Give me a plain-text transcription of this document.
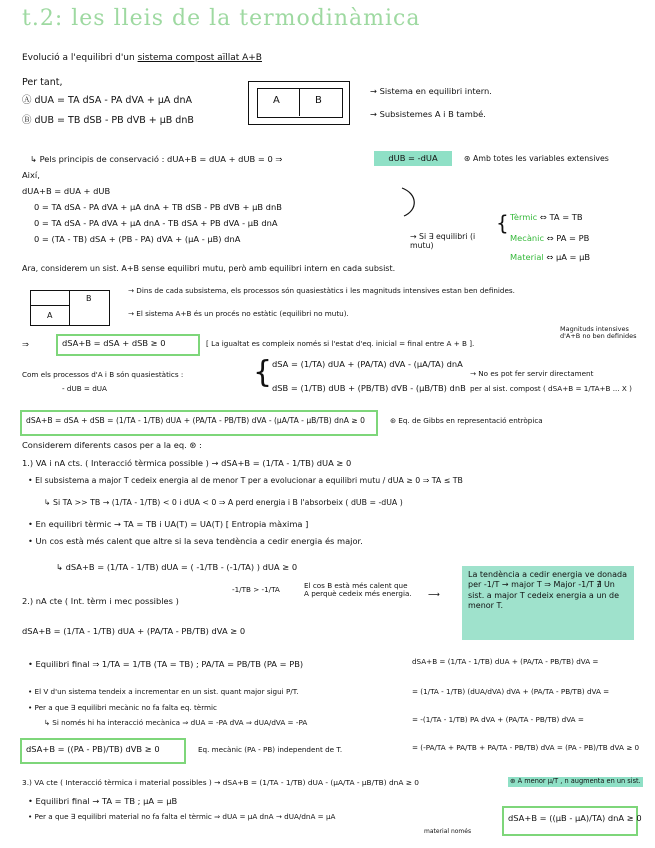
t.2: les lleis de la termodinàmica
Evolució a l'equilibri d'un sistema compost aïllat A+B
Per tant,
Ⓐ dUA = TA dSA - PA dVA + μA dnA
Ⓑ dUB = TB dSB - PB dVB + μB dnB
A	B
→ Sistema en equilibri intern.
→ Subsistemes A i B també.
↳ Pels principis de conservació : dUA+B = dUA + dUB = 0 ⇒	dUB = -dUA	⊛ Amb totes les variables extensives
Així,
dUA+B = dUA + dUB
0 = TA dSA - PA dVA + μA dnA + TB dSB - PB dVB + μB dnB
0 = TA dSA - PA dVA + μA dnA - TB dSA + PB dVA - μB dnA
0 = (TA - TB) dSA + (PB - PA) dVA + (μA - μB) dnA	→ Si ∃ equilibri (i mutu)
{ Tèrmic ⇔ TA = TB
Mecànic ⇔ PA = PB
Material ⇔ μA = μB
Ara, considerem un sist. A+B sense equilibri mutu, però amb equilibri intern en cada subsist.
A
B
→ Dins de cada subsistema, els processos són quasiestàtics i les magnituds intensives estan ben definides.
→ El sistema A+B és un procés no estàtic (equilibri no mutu).
⇒	dSA+B = dSA + dSB ≥ 0	[ La igualtat es compleix només si l'estat d'eq. inicial = final entre A + B ].
Magnituds intensives d'A+B no ben definides
Com els processos d'A i B són quasiestàtics :
- dUB = dUA	{ dSA = (1/TA) dUA + (PA/TA) dVA - (μA/TA) dnA
dSB = (1/TB) dUB + (PB/TB) dVB - (μB/TB) dnB
→ No es pot fer servir directament
per al sist. compost ( dSA+B = 1/TA+B ... X )
dSA+B = dSA + dSB = (1/TA - 1/TB) dUA + (PA/TA - PB/TB) dVA - (μA/TA - μB/TB) dnA ≥ 0	⊛ Eq. de Gibbs en representació entròpica
Considerem diferents casos per a la eq. ⊛ :
1.) VA i nA cts. ( Interacció tèrmica possible ) → dSA+B = (1/TA - 1/TB) dUA ≥ 0
• El subsistema a major T cedeix energia al de menor T per a evolucionar a equilibri mutu / dUA ≥ 0 ⇒ TA ≤ TB
↳ Si TA >> TB → (1/TA - 1/TB) < 0 i dUA < 0 ⇒ A perd energia i B l'absorbeix ( dUB = -dUA )
• En equilibri tèrmic → TA = TB i UA(T) = UA(T) [ Entropia màxima ]
• Un cos està més calent que altre si la seva tendència a cedir energia és major.
↳ dSA+B = (1/TA - 1/TB) dUA = ( -1/TB - (-1/TA) ) dUA ≥ 0
-1/TB > -1/TA	El cos B està més calent que A perquè cedeix més energia. ⟶
La tendència a cedir energia ve donada per -1/T → major T ⇒ Major -1/T ∄ Un sist. a major T cedeix energia a un de menor T.
2.) nA cte ( Int. tèrm i mec possibles )
dSA+B = (1/TA - 1/TB) dUA + (PA/TA - PB/TB) dVA ≥ 0
• Equilibri final ⇒ 1/TA = 1/TB (TA = TB) ; PA/TA = PB/TB (PA = PB)
• El V d'un sistema tendeix a incrementar en un sist. quant major sigui P/T.
• Per a que ∃ equilibri mecànic no fa falta eq. tèrmic
↳ Si només hi ha interacció mecànica ⇒ dUA = -PA dVA ⇒ dUA/dVA = -PA
dSA+B = (1/TA - 1/TB) dUA + (PA/TA - PB/TB) dVA =
= (1/TA - 1/TB) (dUA/dVA) dVA + (PA/TA - PB/TB) dVA =
= -(1/TA - 1/TB) PA dVA + (PA/TA - PB/TB) dVA =
= (-PA/TA + PA/TB + PA/TA - PB/TB) dVA = (PA - PB)/TB dVA ≥ 0
dSA+B = ((PA - PB)/TB) dVB ≥ 0	Eq. mecànic (PA - PB) independent de T.
3.) VA cte ( Interacció tèrmica i material possibles ) → dSA+B = (1/TA - 1/TB) dUA - (μA/TA - μB/TB) dnA ≥ 0	⊛ A menor μ/T , n augmenta en un sist.
• Equilibri final → TA = TB ; μA = μB
• Per a que ∃ equilibri material no fa falta el tèrmic ⇒ dUA = μA dnA → dUA/dnA = μA
material només
dSA+B = ((μB - μA)/TA) dnA ≥ 0
